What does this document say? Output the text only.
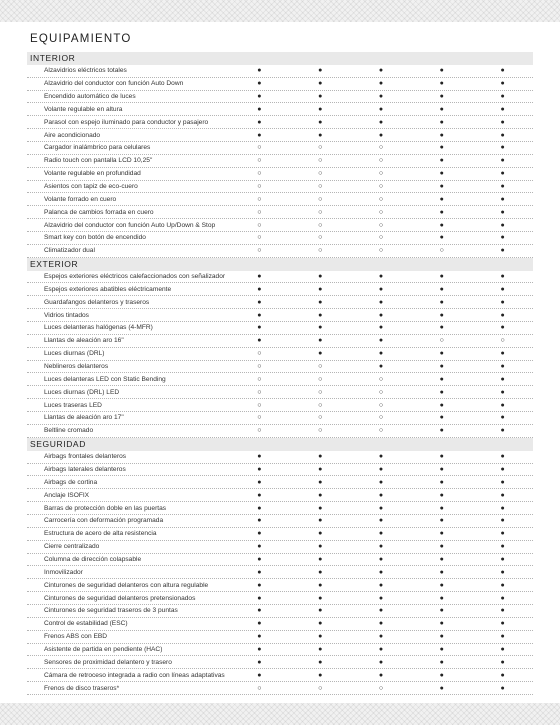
EQUIPAMIENTO
INTERIOR
Alzavidrios eléctricos totales	●	●	●	●	●
Alzavidrio del conductor con función Auto Down	●	●	●	●	●
Encendido automático de luces	●	●	●	●	●
Volante regulable en altura	●	●	●	●	●
Parasol con espejo iluminado para conductor y pasajero	●	●	●	●	●
Aire acondicionado	●	●	●	●	●
Cargador inalámbrico para celulares	○	○	○	●	●
Radio touch con pantalla LCD 10,25"	○	○	○	●	●
Volante regulable en profundidad	○	○	○	●	●
Asientos con tapiz de eco-cuero	○	○	○	●	●
Volante forrado en cuero	○	○	○	●	●
Palanca de cambios forrada en cuero	○	○	○	●	●
Alzavidrio del conductor con función Auto Up/Down & Stop	○	○	○	●	●
Smart key con botón de encendido	○	○	○	●	●
Climatizador dual	○	○	○	○	●
EXTERIOR
Espejos exteriores eléctricos calefaccionados con señalizador	●	●	●	●	●
Espejos exteriores abatibles eléctricamente	●	●	●	●	●
Guardafangos delanteros y traseros	●	●	●	●	●
Vidrios tintados	●	●	●	●	●
Luces delanteras halógenas (4-MFR)	●	●	●	●	●
Llantas de aleación aro 16"	●	●	●	○	○
Luces diurnas (DRL)	○	●	●	●	●
Neblineros delanteros	○	○	●	●	●
Luces delanteras LED con Static Bending	○	○	○	●	●
Luces diurnas (DRL) LED	○	○	○	●	●
Luces traseras LED	○	○	○	●	●
Llantas de aleación aro 17"	○	○	○	●	●
Beltline cromado	○	○	○	●	●
SEGURIDAD
Airbags frontales delanteros	●	●	●	●	●
Airbags laterales delanteros	●	●	●	●	●
Airbags de cortina	●	●	●	●	●
Anclaje ISOFIX	●	●	●	●	●
Barras de protección doble en las puertas	●	●	●	●	●
Carrocería con deformación programada	●	●	●	●	●
Estructura de acero de alta resistencia	●	●	●	●	●
Cierre centralizado	●	●	●	●	●
Columna de dirección colapsable	●	●	●	●	●
Inmovilizador	●	●	●	●	●
Cinturones de seguridad delanteros con altura regulable	●	●	●	●	●
Cinturones de seguridad delanteros pretensionados	●	●	●	●	●
Cinturones de seguridad traseros de 3 puntas	●	●	●	●	●
Control de estabilidad (ESC)	●	●	●	●	●
Frenos ABS con EBD	●	●	●	●	●
Asistente de partida en pendiente (HAC)	●	●	●	●	●
Sensores de proximidad delantero y trasero	●	●	●	●	●
Cámara de retroceso integrada a radio con líneas adaptativas	●	●	●	●	●
Frenos de disco traseros*	○	○	○	●	●
